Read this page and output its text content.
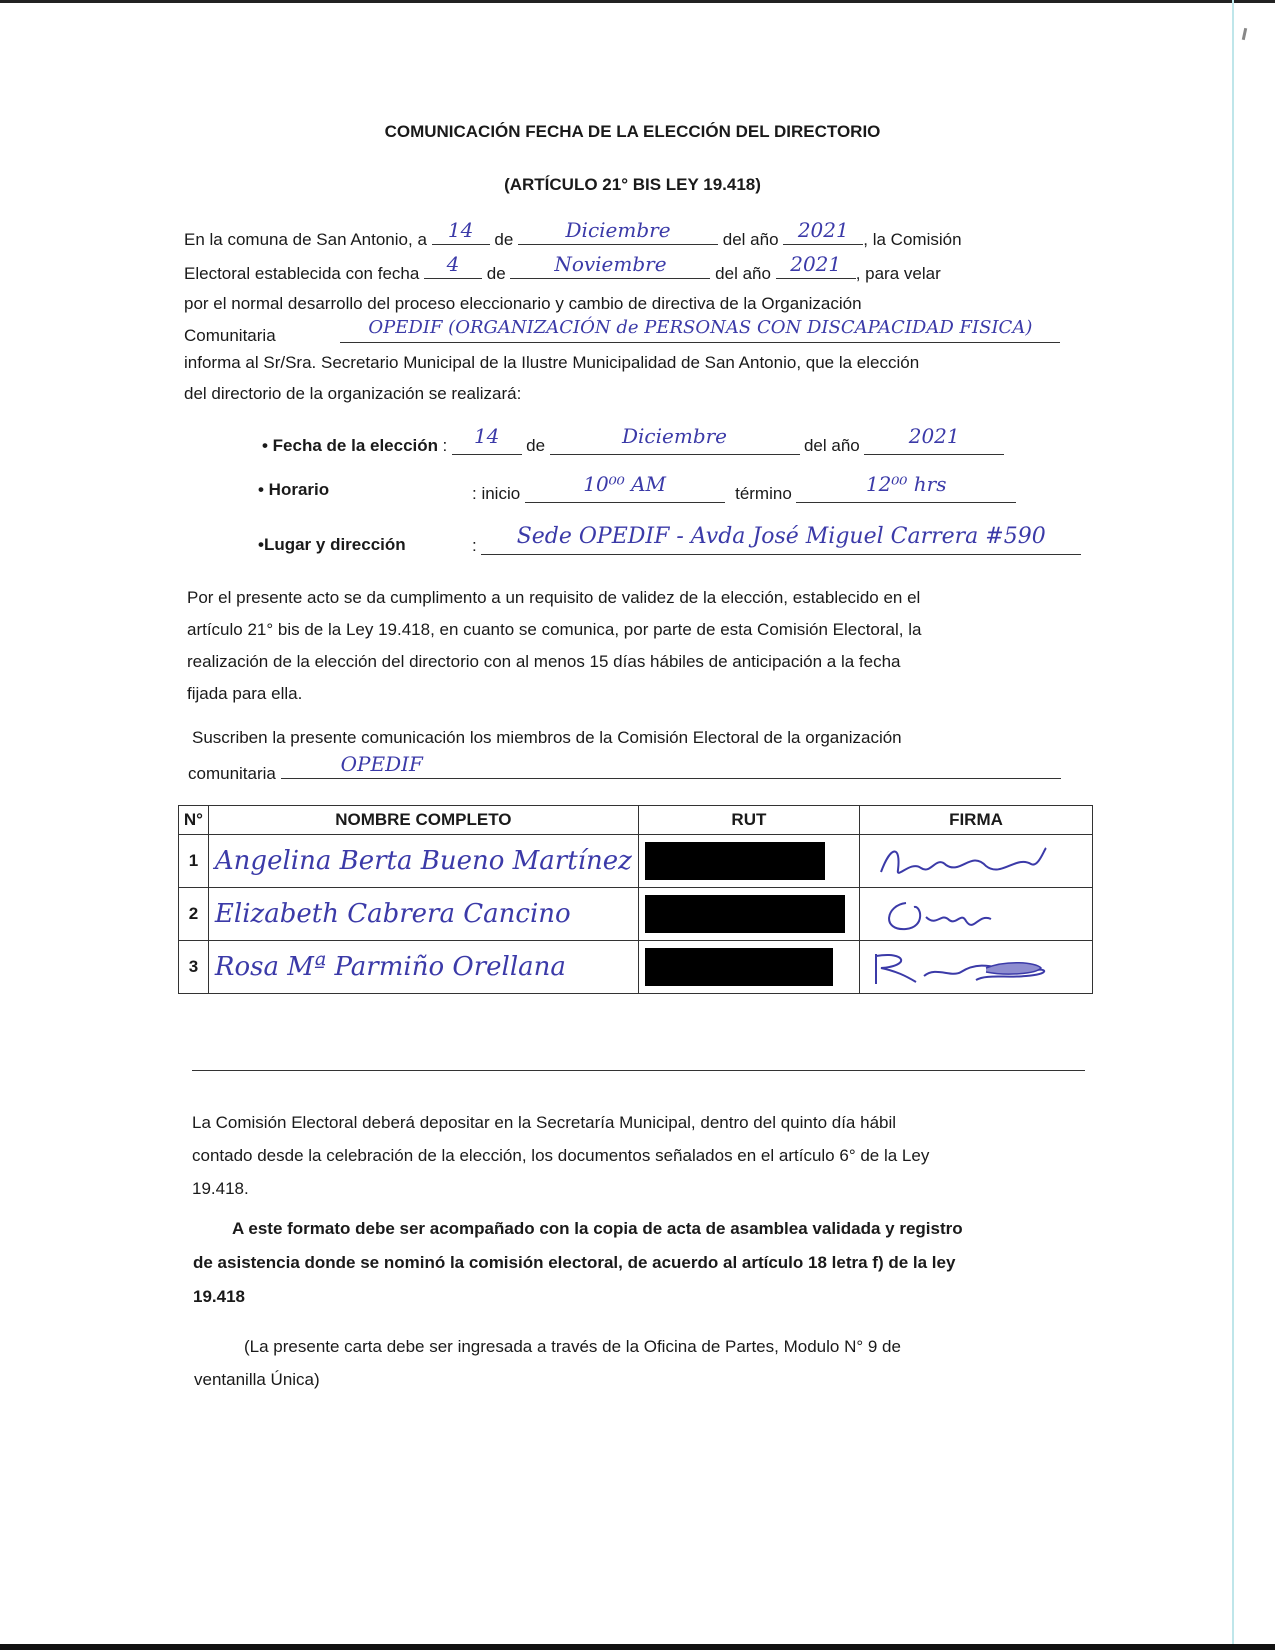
COMUNICACIÓN FECHA DE LA ELECCIÓN DEL DIRECTORIO
(ARTÍCULO 21° BIS LEY 19.418)
En la comuna de San Antonio, a 14 de	Diciembre	del año 2021 , la Comisión
Electoral establecida con fecha 4 de Noviembre	del año 2021 , para velar
por el normal desarrollo del proceso eleccionario y cambio de directiva de la Organización
Comunitaria	OPEDIF (ORGANIZACIÓN de PERSONAS CON DISCAPACIDAD FISICA)
informa al Sr/Sra. Secretario Municipal de la Ilustre Municipalidad de San Antonio, que la elección
del directorio de la organización se realizará:
• Fecha de la elección : 14 de	Diciembre	del año 2021
• Horario	: inicio	10⁰⁰ AM	término	12⁰⁰ hrs
•Lugar y dirección	: Sede OPEDIF - Avda José Miguel Carrera #590
Por el presente acto se da cumplimento a un requisito de validez de la elección, establecido en el
artículo 21° bis de la Ley 19.418, en cuanto se comunica, por parte de esta Comisión Electoral, la
realización de la elección del directorio con al menos 15 días hábiles de anticipación a la fecha
fijada para ella.
Suscriben la presente comunicación los miembros de la Comisión Electoral de la organización
comunitaria	OPEDIF
N°	NOMBRE COMPLETO	RUT	FIRMA
1	Angelina Berta Bueno Martínez		

2	Elizabeth Cabrera Cancino		

3	Rosa Mª Parmiño Orellana		
La Comisión Electoral deberá depositar en la Secretaría Municipal, dentro del quinto día hábil
contado desde la celebración de la elección, los documentos señalados en el artículo 6° de la Ley
19.418.
A este formato debe ser acompañado con la copia de acta de asamblea validada y registro
de asistencia donde se nominó la comisión electoral, de acuerdo al artículo 18 letra f) de la ley
19.418
(La presente carta debe ser ingresada a través de la Oficina de Partes, Modulo N° 9 de
ventanilla Única)
